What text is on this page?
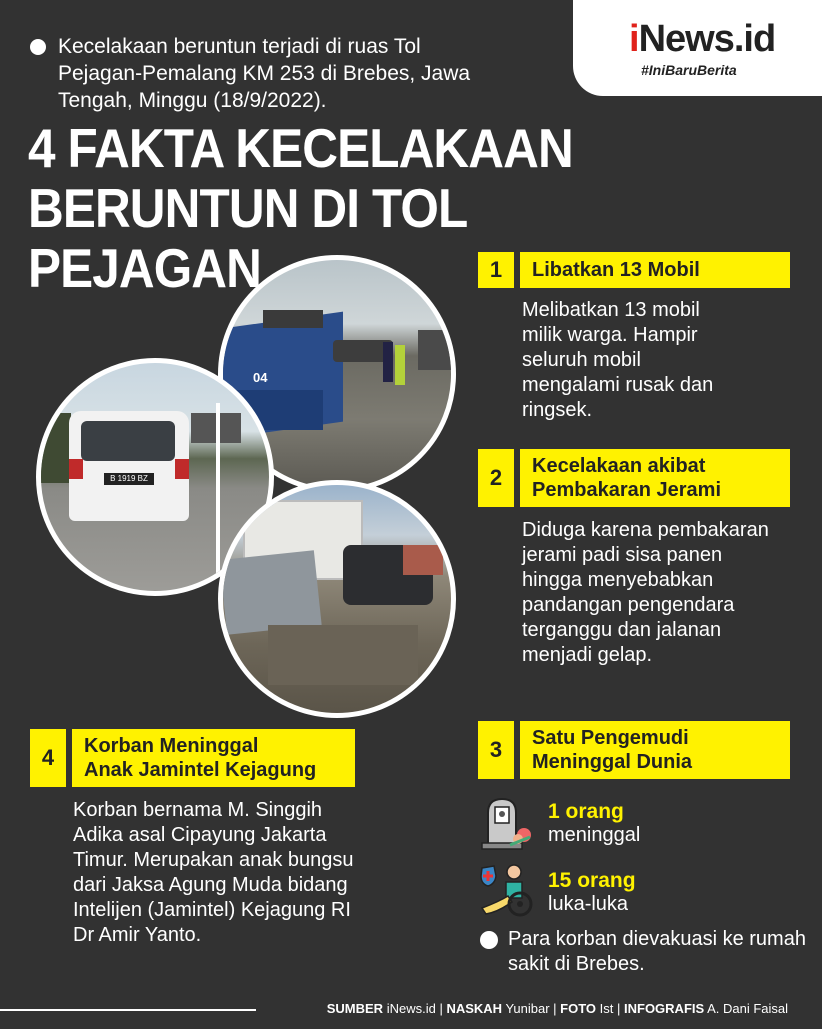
iNews.id
#IniBaruBerita
Kecelakaan beruntun terjadi di ruas Tol Pejagan-Pemalang KM 253 di Brebes, Jawa Tengah, Minggu (18/9/2022).
4 FAKTA KECELAKAAN
BERUNTUN DI TOL PEJAGAN
04
B 1919 BZ
1	Libatkan 13 Mobil
Melibatkan 13 mobil milik warga. Hampir seluruh mobil mengalami rusak dan ringsek.
2	Kecelakaan akibat
Pembakaran Jerami
Diduga karena pembakaran jerami padi sisa panen hingga menyebabkan pandangan pengendara terganggu dan jalanan menjadi gelap.
3	Satu Pengemudi
Meninggal Dunia
1 orang
meninggal
15 orang
luka-luka
Para korban dievakuasi ke rumah sakit di Brebes.
4	Korban Meninggal
Anak Jamintel Kejagung
Korban bernama M. Singgih Adika asal Cipayung Jakarta Timur. Merupakan anak bungsu dari Jaksa Agung Muda bidang Intelijen (Jamintel) Kejagung RI Dr Amir Yanto.
SUMBER iNews.id | NASKAH Yunibar | FOTO Ist | INFOGRAFIS A. Dani Faisal
